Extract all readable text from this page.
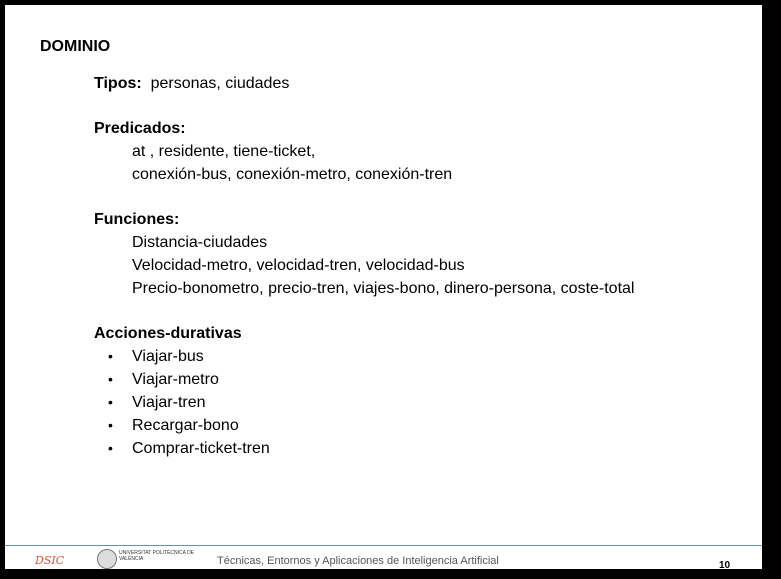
DOMINIO
Tipos: personas, ciudades
Predicados:
at , residente, tiene-ticket,
conexión-bus, conexión-metro, conexión-tren
Funciones:
Distancia-ciudades
Velocidad-metro, velocidad-tren, velocidad-bus
Precio-bonometro, precio-tren, viajes-bono, dinero-persona, coste-total
Acciones-durativas
• Viajar-bus
• Viajar-metro
• Viajar-tren
• Recargar-bono
• Comprar-ticket-tren
DSIC
UNIVERSITAT POLITÈCNICA DE VALÈNCIA	Técnicas, Entornos y Aplicaciones de Inteligencia Artificial	10
